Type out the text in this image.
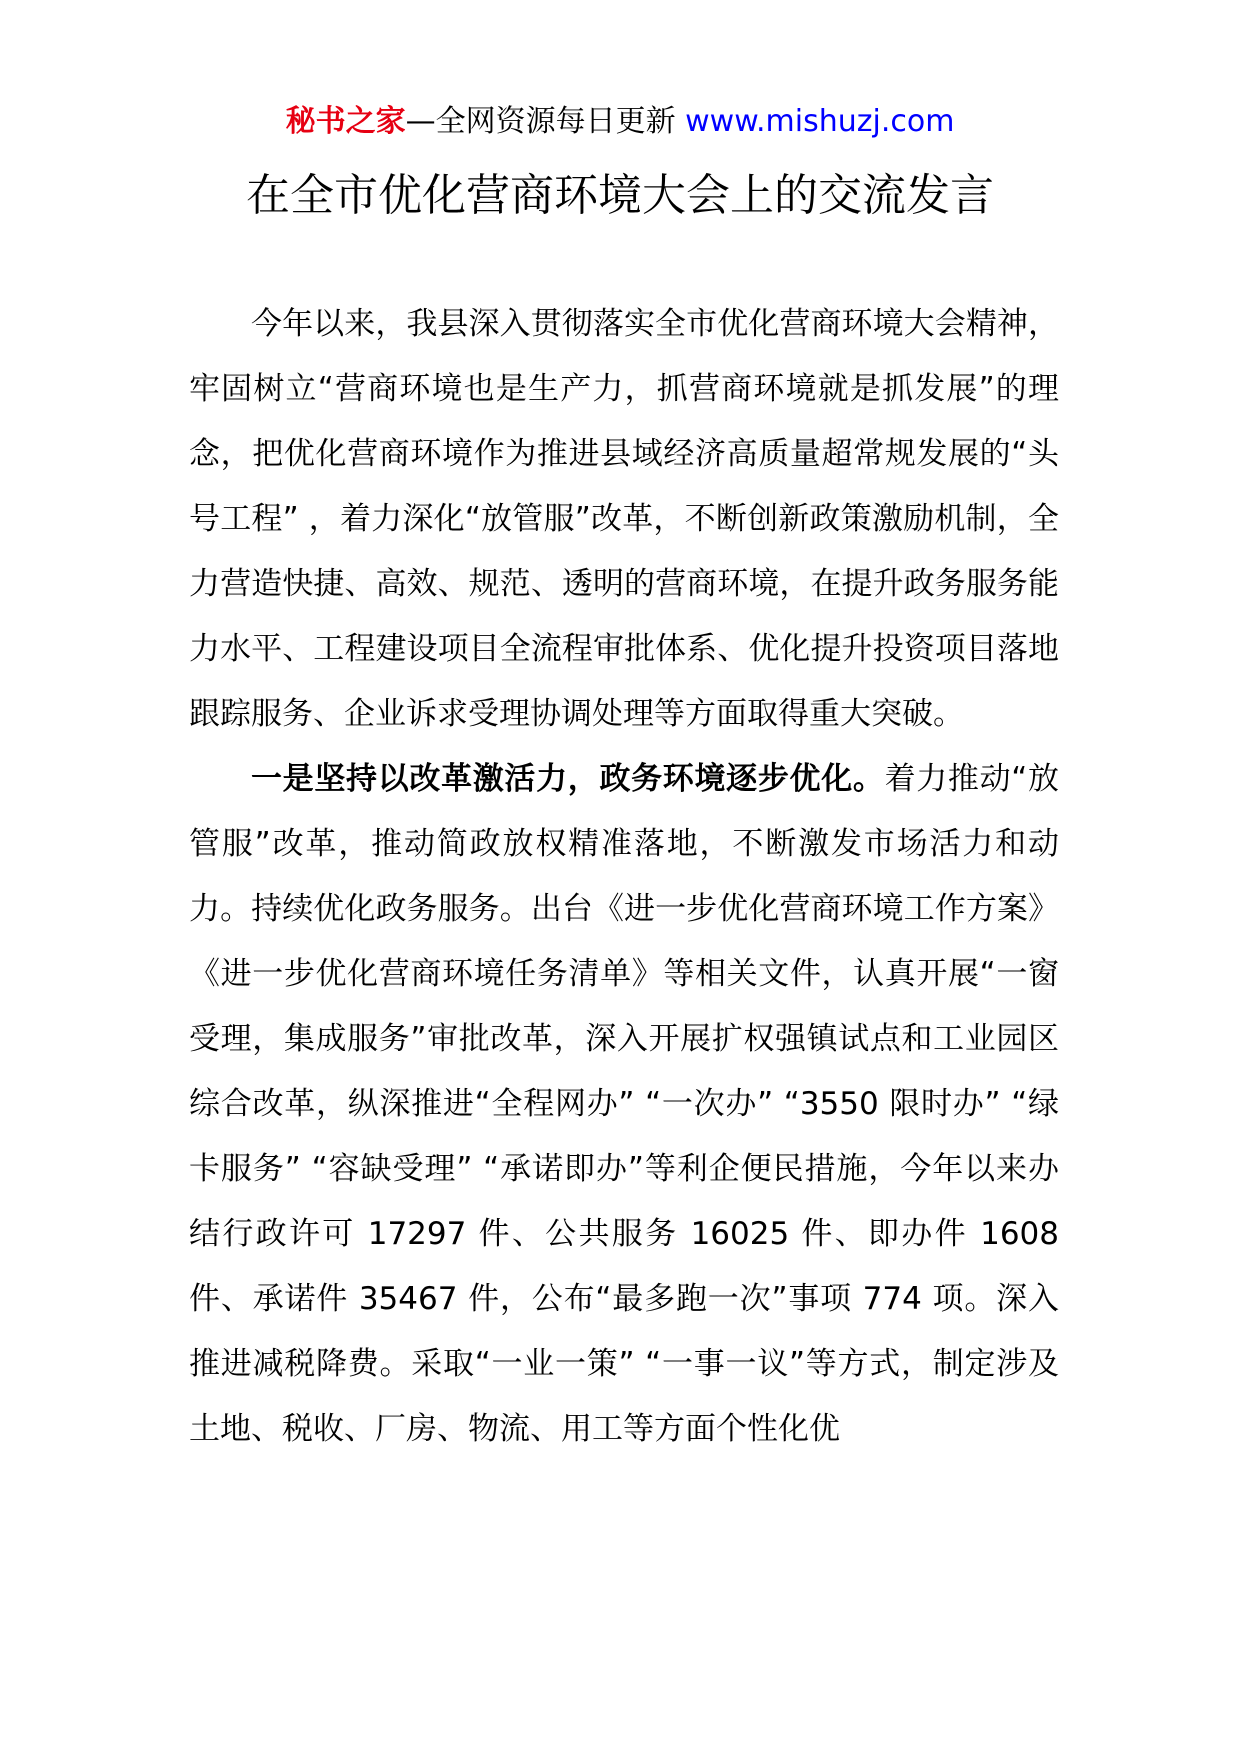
秘书之家—全网资源每日更新 www.mishuzj.com
在全市优化营商环境大会上的交流发言

今年以来，我县深入贯彻落实全市优化营商环境大会精神，牢固树立“营商环境也是生产力，抓营商环境就是抓发展”的理念，把优化营商环境作为推进县域经济高质量超常规发展的“头号工程” ，着力深化“放管服”改革，不断创新政策激励机制，全力营造快捷、高效、规范、透明的营商环境，在提升政务服务能力水平、工程建设项目全流程审批体系、优化提升投资项目落地跟踪服务、企业诉求受理协调处理等方面取得重大突破。

一是坚持以改革激活力，政务环境逐步优化。着力推动“放管服”改革，推动简政放权精准落地，不断激发市场活力和动力。持续优化政务服务。出台《进一步优化营商环境工作方案》《进一步优化营商环境任务清单》等相关文件，认真开展“一窗受理，集成服务”审批改革，深入开展扩权强镇试点和工业园区综合改革，纵深推进“全程网办” “一次办” “3550 限时办” “绿卡服务” “容缺受理” “承诺即办”等利企便民措施，今年以来办结行政许可 17297 件、公共服务 16025 件、即办件 1608 件、承诺件 35467 件，公布“最多跑一次”事项 774 项。深入推进减税降费。采取“一业一策” “一事一议”等方式，制定涉及土地、税收、厂房、物流、用工等方面个性化优
